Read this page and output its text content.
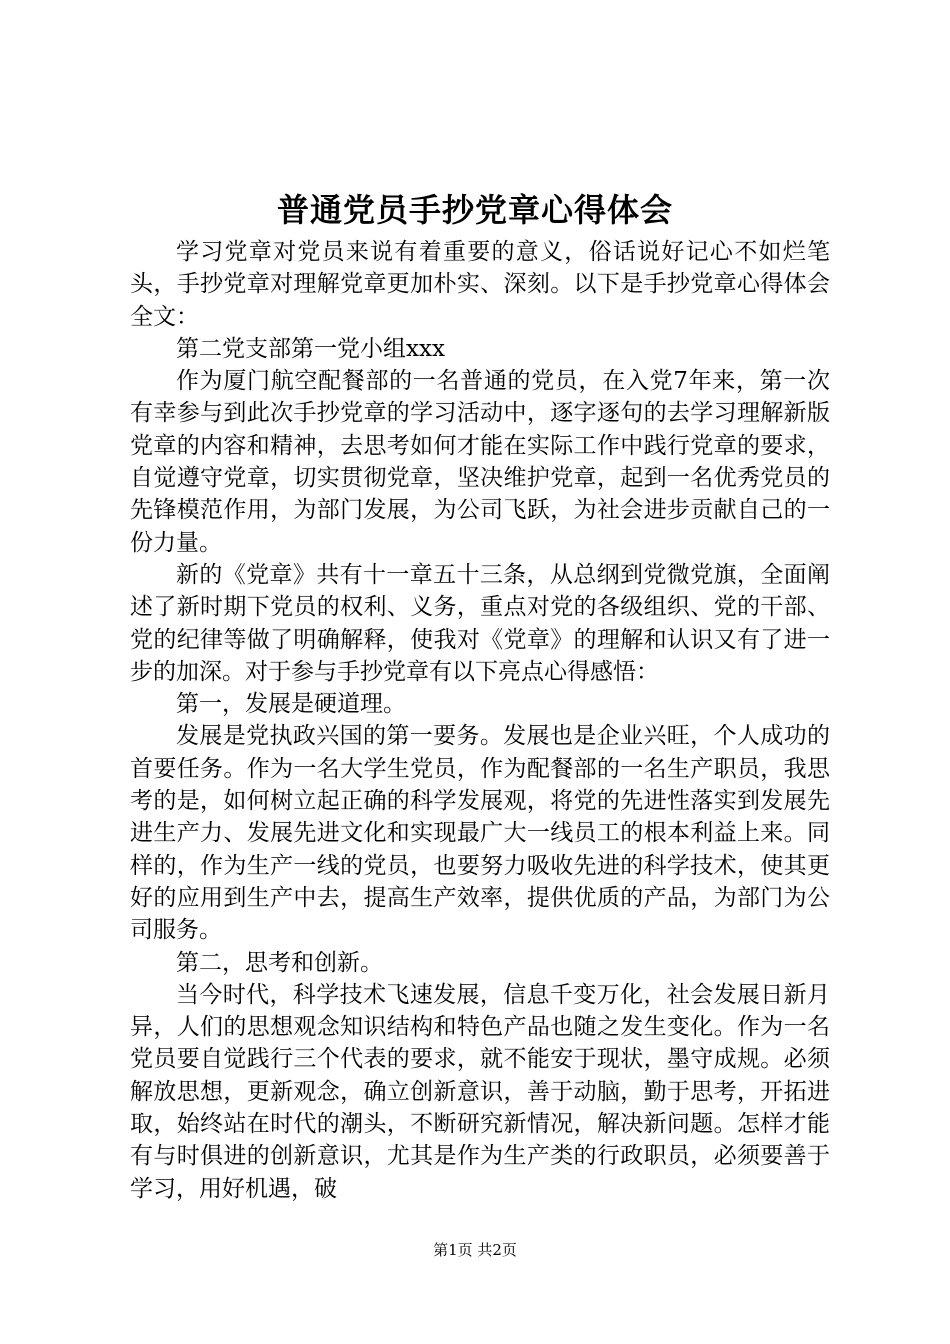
普通党员手抄党章心得体会

学习党章对党员来说有着重要的意义，俗话说好记心不如烂笔头，手抄党章对理解党章更加朴实、深刻。以下是手抄党章心得体会全文：

第二党支部第一党小组xxx

作为厦门航空配餐部的一名普通的党员，在入党7年来，第一次有幸参与到此次手抄党章的学习活动中，逐字逐句的去学习理解新版党章的内容和精神，去思考如何才能在实际工作中践行党章的要求，自觉遵守党章，切实贯彻党章，坚决维护党章，起到一名优秀党员的先锋模范作用，为部门发展，为公司飞跃，为社会进步贡献自己的一份力量。

新的《党章》共有十一章五十三条，从总纲到党微党旗，全面阐述了新时期下党员的权利、义务，重点对党的各级组织、党的干部、党的纪律等做了明确解释，使我对《党章》的理解和认识又有了进一步的加深。对于参与手抄党章有以下亮点心得感悟：

第一，发展是硬道理。

发展是党执政兴国的第一要务。发展也是企业兴旺，个人成功的首要任务。作为一名大学生党员，作为配餐部的一名生产职员，我思考的是，如何树立起正确的科学发展观，将党的先进性落实到发展先进生产力、发展先进文化和实现最广大一线员工的根本利益上来。同样的，作为生产一线的党员，也要努力吸收先进的科学技术，使其更好的应用到生产中去，提高生产效率，提供优质的产品，为部门为公司服务。

第二，思考和创新。

当今时代，科学技术飞速发展，信息千变万化，社会发展日新月异，人们的思想观念知识结构和特色产品也随之发生变化。作为一名党员要自觉践行三个代表的要求，就不能安于现状，墨守成规。必须解放思想，更新观念，确立创新意识，善于动脑，勤于思考，开拓进取，始终站在时代的潮头，不断研究新情况，解决新问题。怎样才能有与时俱进的创新意识，尤其是作为生产类的行政职员，必须要善于学习，用好机遇，破

第1页 共2页
